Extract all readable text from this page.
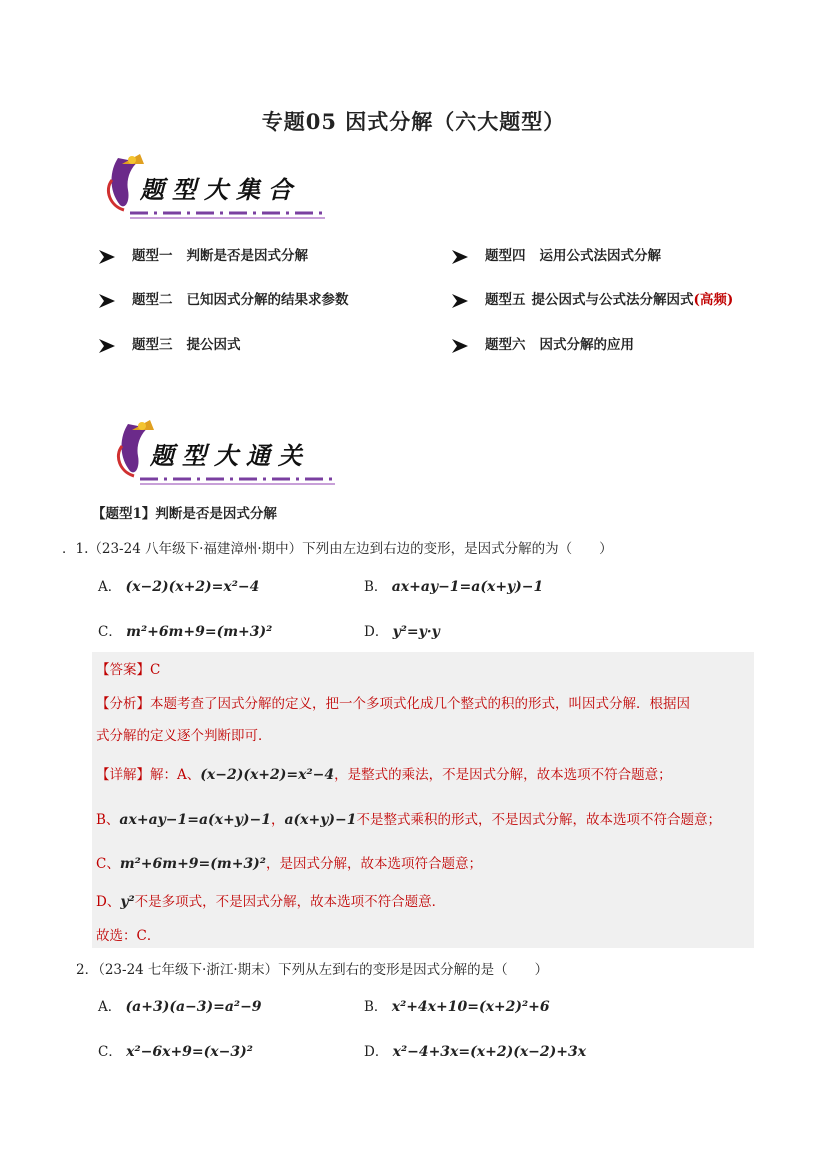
专题05 因式分解（六大题型）
题型大集合
题型一 判断是否是因式分解
题型二 已知因式分解的结果求参数
题型三 提公因式
题型四 运用公式法因式分解
题型五 提公因式与公式法分解因式(高频)
题型六 因式分解的应用
题型大通关
【题型1】判断是否是因式分解
．1.（23-24 八年级下·福建漳州·期中）下列由左边到右边的变形，是因式分解的为（　　）
A． (x−2)(x+2)=x²−4	B． ax+ay−1=a(x+y)−1
C． m²+6m+9=(m+3)²	D． y²=y·y
【答案】C
【分析】本题考查了因式分解的定义，把一个多项式化成几个整式的积的形式，叫因式分解．根据因
式分解的定义逐个判断即可．
【详解】解：A、(x−2)(x+2)=x²−4，是整式的乘法，不是因式分解，故本选项不符合题意；
B、ax+ay−1=a(x+y)−1，a(x+y)−1不是整式乘积的形式，不是因式分解，故本选项不符合题意；
C、m²+6m+9=(m+3)²，是因式分解，故本选项符合题意；
D、y²不是多项式，不是因式分解，故本选项不符合题意．
故选：C．
2．（23-24 七年级下·浙江·期末）下列从左到右的变形是因式分解的是（　　）
A． (a+3)(a−3)=a²−9	B． x²+4x+10=(x+2)²+6
C． x²−6x+9=(x−3)²	D． x²−4+3x=(x+2)(x−2)+3x
